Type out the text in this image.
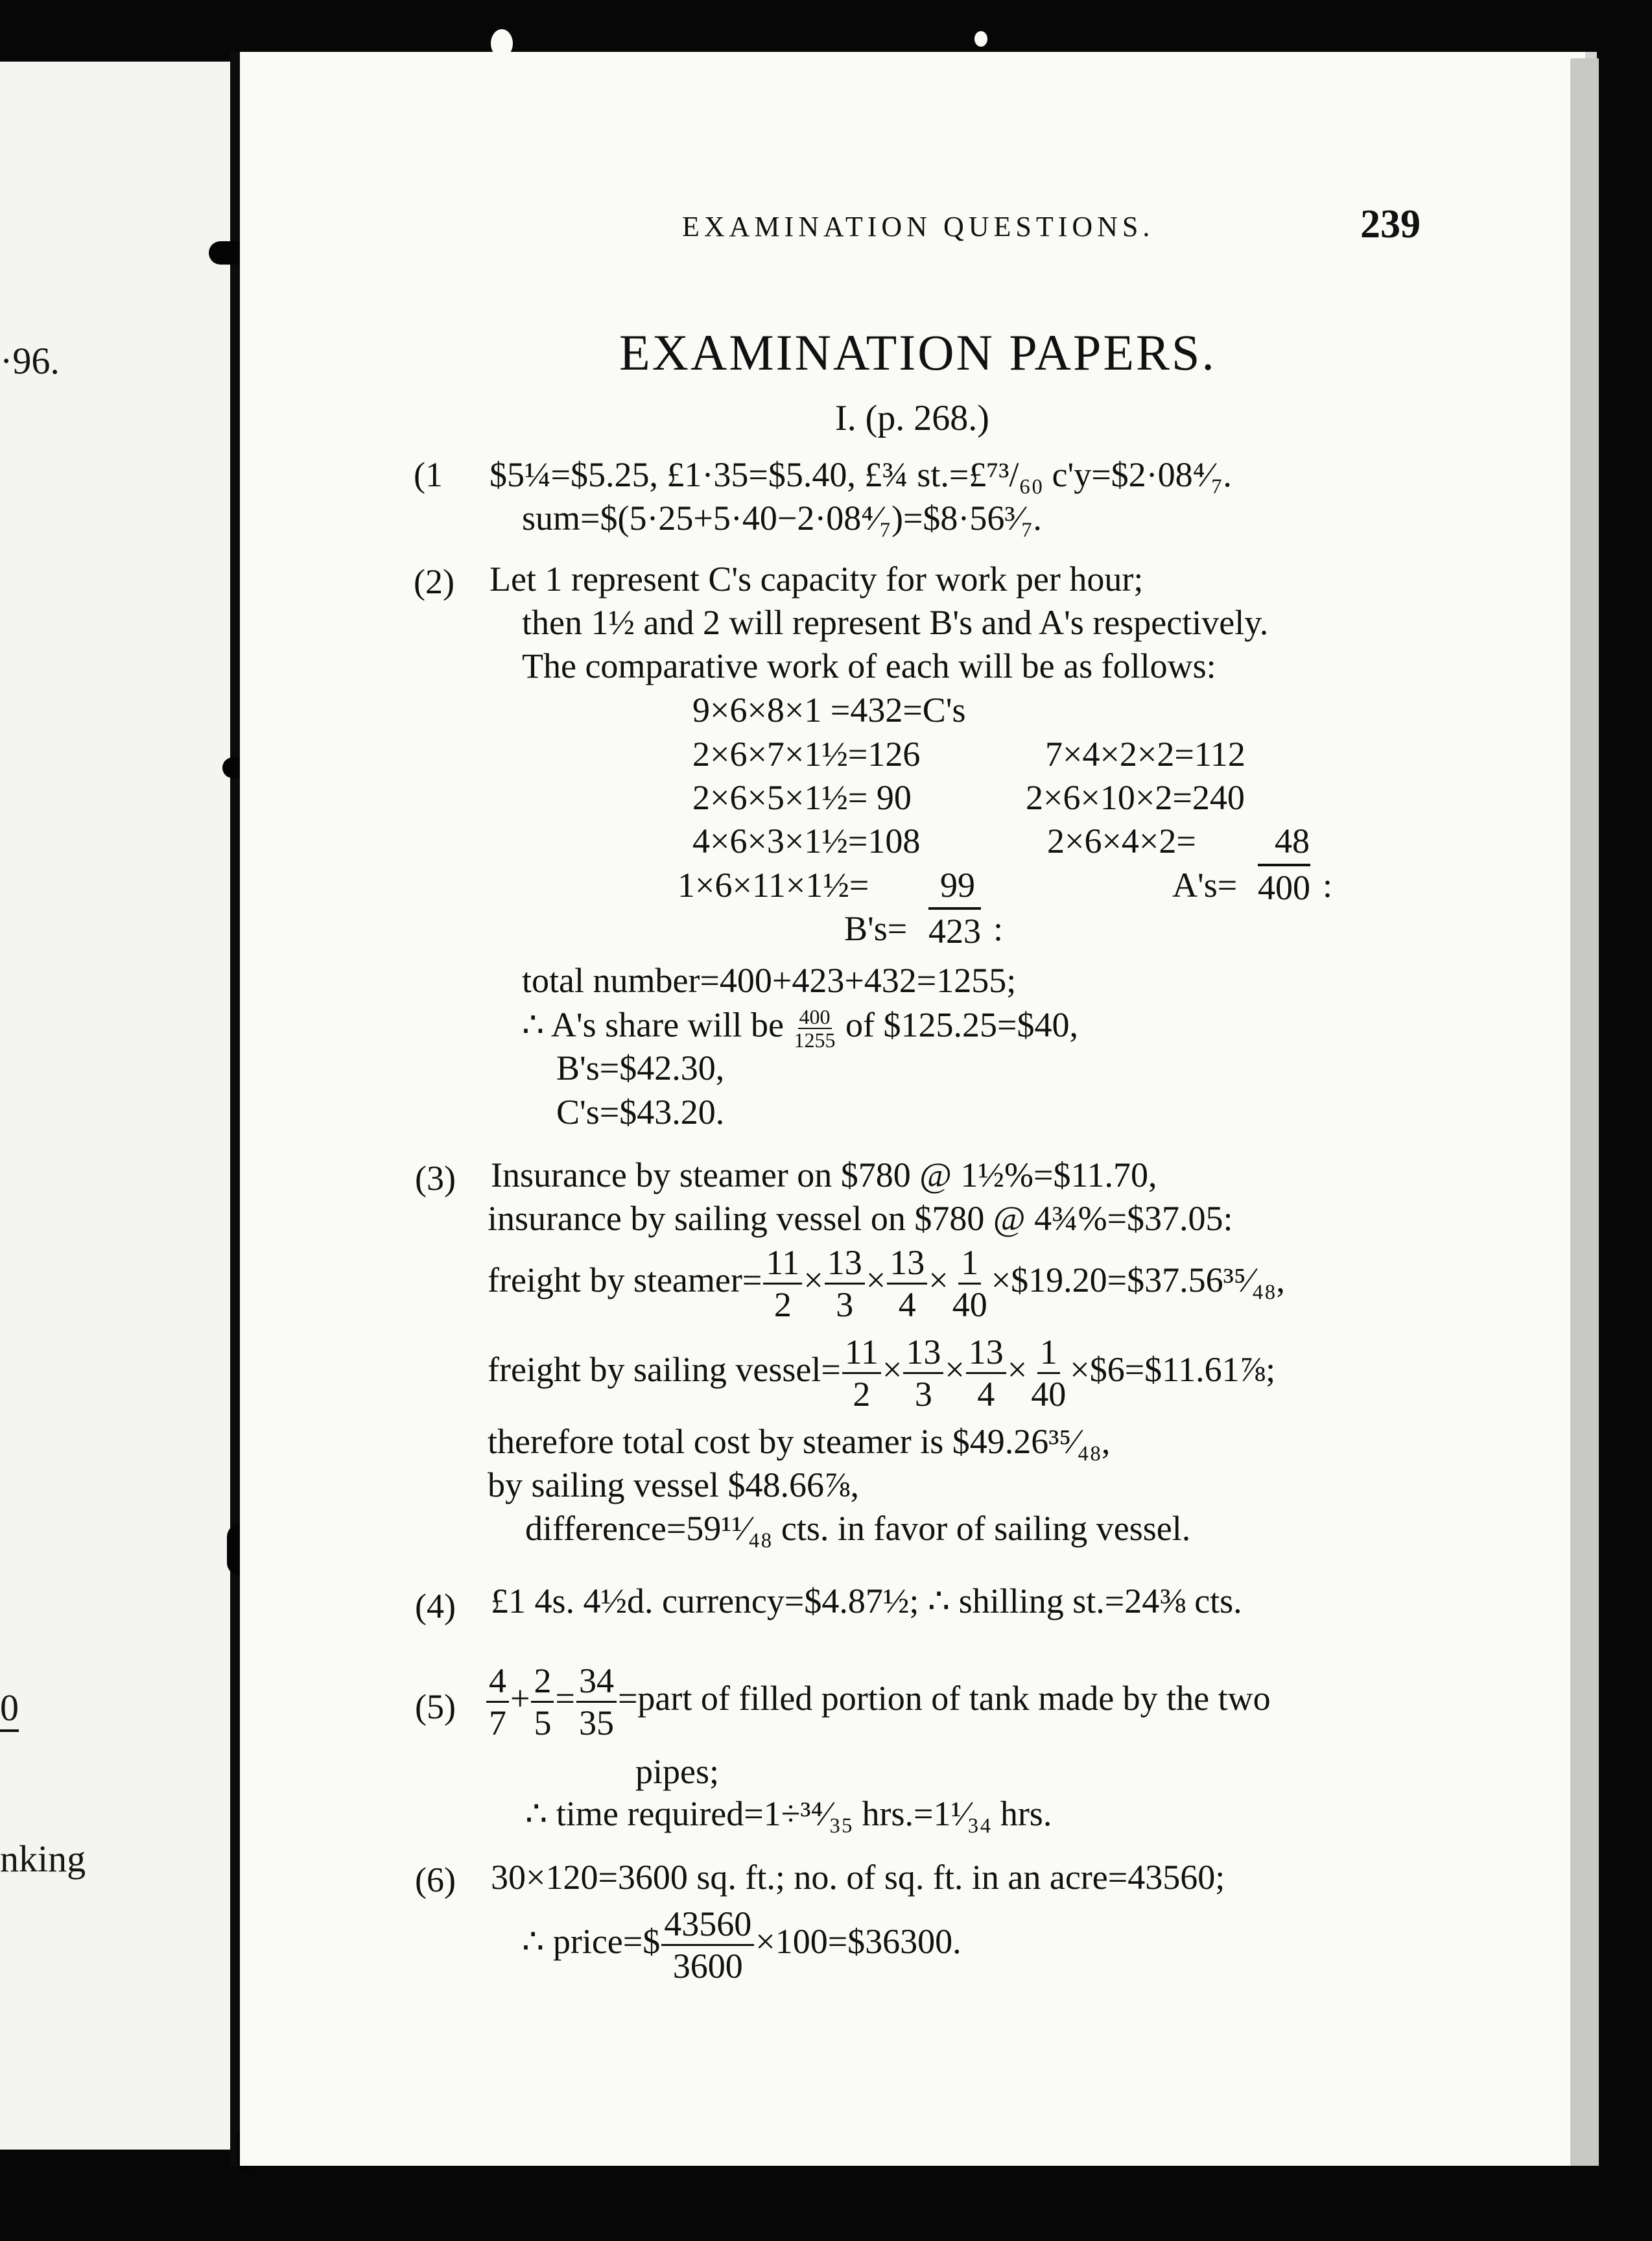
·96.
0
nking
EXAMINATION QUESTIONS.	239
EXAMINATION PAPERS.
I. (p. 268.)
(1 $5¼=$5.25, £1·35=$5.40, £¾ st.=£⁷³/₆₀ c'y=$2·08⁴⁄₇.
sum=$(5·25+5·40−2·08⁴⁄₇)=$8·56³⁄₇.
(2) Let 1 represent C's capacity for work per hour;
then 1½ and 2 will represent B's and A's respectively.
The comparative work of each will be as follows:
9×6×8×1 =432=C's
2×6×7×1½=126
2×6×5×1½= 90
4×6×3×1½=108
1×6×11×1½= 99
B's= 423 :
7×4×2×2=112
2×6×10×2=240
2×6×4×2= 48
A's= 400 :
total number=400+423+432=1255;
∴ A's share will be $\frac{400}{1255}$ of $125.25=$40,
B's=$42.30,
C's=$43.20.
(3) Insurance by steamer on $780 @ 1½%=$11.70,
insurance by sailing vessel on $780 @ 4¾%=$37.05:
freight by steamer= $\frac{11}{2} \times \frac{13}{3} \times \frac{13}{4} \times \frac{1}{40}$ ×$19.20=$37.56³⁵⁄₄₈,
freight by sailing vessel= $\frac{11}{2} \times \frac{13}{3} \times \frac{13}{4} \times \frac{1}{40}$ ×$6=$11.61⅞;
therefore total cost by steamer is $49.26³⁵⁄₄₈,
by sailing vessel $48.66⅞,
difference=59¹¹⁄₄₈ cts. in favor of sailing vessel.
(4) £1 4s. 4½d. currency=$4.87½; ∴ shilling st.=24⅜ cts.
$(5) \frac{4}{7} + \frac{2}{5} = \frac{34}{35}$ =part of filled portion of tank made by the two
pipes;
∴ time required=1÷³⁴⁄₃₅ hrs.=1¹⁄₃₄ hrs.
(6) 30×120=3600 sq. ft.; no. of sq. ft. in an acre=43560;
∴ price=$ $\frac{43560}{3600}$ ×100=$36300.
